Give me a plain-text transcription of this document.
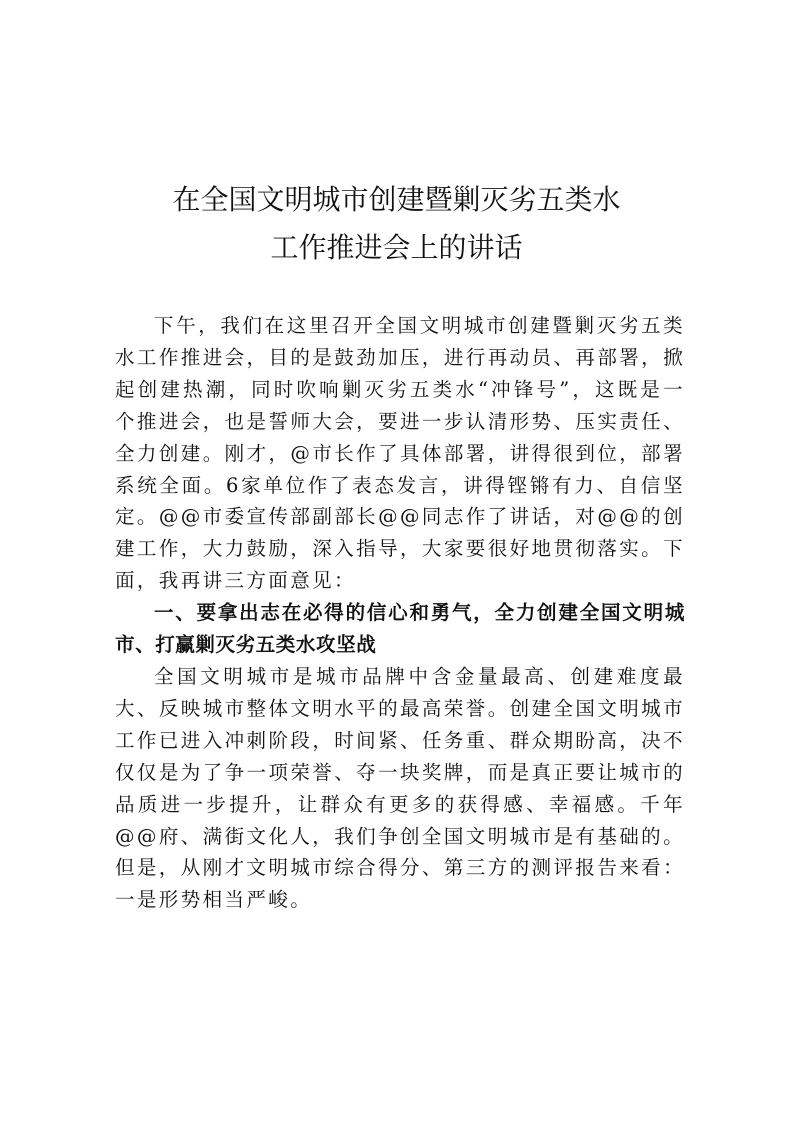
在全国文明城市创建暨剿灭劣五类水
工作推进会上的讲话

下午，我们在这里召开全国文明城市创建暨剿灭劣五类水工作推进会，目的是鼓劲加压，进行再动员、再部署，掀起创建热潮，同时吹响剿灭劣五类水“冲锋号”，这既是一个推进会，也是誓师大会，要进一步认清形势、压实责任、全力创建。刚才，@市长作了具体部署，讲得很到位，部署系统全面。6家单位作了表态发言，讲得铿锵有力、自信坚定。@@市委宣传部副部长@@同志作了讲话，对@@的创建工作，大力鼓励，深入指导，大家要很好地贯彻落实。下面，我再讲三方面意见：

一、要拿出志在必得的信心和勇气，全力创建全国文明城市、打赢剿灭劣五类水攻坚战

全国文明城市是城市品牌中含金量最高、创建难度最大、反映城市整体文明水平的最高荣誉。创建全国文明城市工作已进入冲刺阶段，时间紧、任务重、群众期盼高，决不仅仅是为了争一项荣誉、夺一块奖牌，而是真正要让城市的品质进一步提升，让群众有更多的获得感、幸福感。千年@@府、满街文化人，我们争创全国文明城市是有基础的。但是，从刚才文明城市综合得分、第三方的测评报告来看：一是形势相当严峻。
